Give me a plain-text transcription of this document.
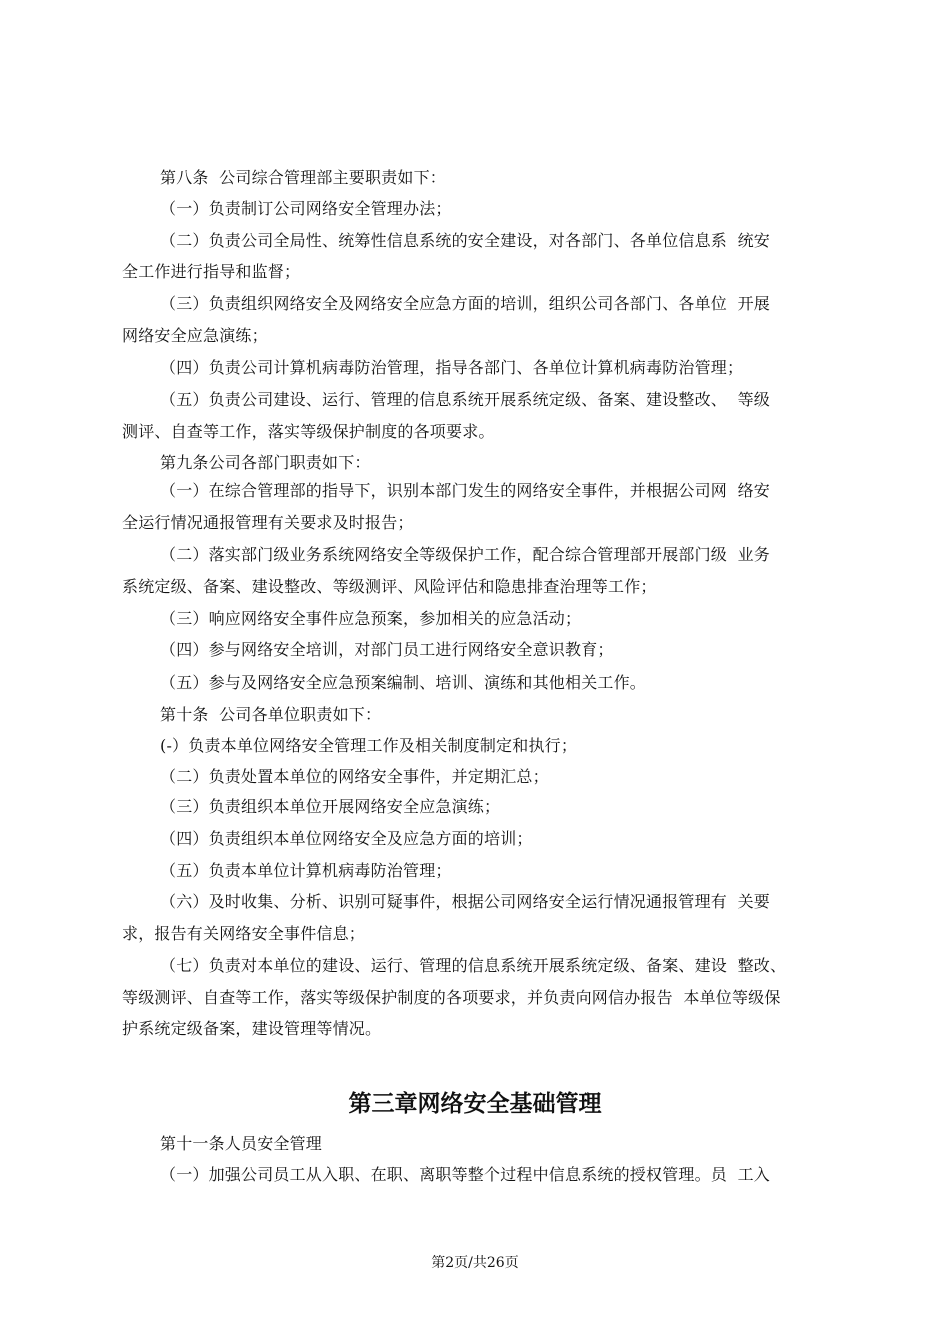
第八条  公司综合管理部主要职责如下：
（一）负责制订公司网络安全管理办法；
（二）负责公司全局性、统筹性信息系统的安全建设，对各部门、各单位信息系  统安
全工作进行指导和监督；
（三）负责组织网络安全及网络安全应急方面的培训，组织公司各部门、各单位  开展
网络安全应急演练；
（四）负责公司计算机病毒防治管理，指导各部门、各单位计算机病毒防治管理；
（五）负责公司建设、运行、管理的信息系统开展系统定级、备案、建设整改、  等级
测评、自查等工作，落实等级保护制度的各项要求。
第九条公司各部门职责如下：
（一）在综合管理部的指导下，识别本部门发生的网络安全事件，并根据公司网  络安
全运行情况通报管理有关要求及时报告；
（二）落实部门级业务系统网络安全等级保护工作，配合综合管理部开展部门级  业务
系统定级、备案、建设整改、等级测评、风险评估和隐患排查治理等工作；
（三）响应网络安全事件应急预案，参加相关的应急活动；
（四）参与网络安全培训，对部门员工进行网络安全意识教育；
（五）参与及网络安全应急预案编制、培训、演练和其他相关工作。
第十条  公司各单位职责如下：
(-）负责本单位网络安全管理工作及相关制度制定和执行；
（二）负责处置本单位的网络安全事件，并定期汇总；
（三）负责组织本单位开展网络安全应急演练；
（四）负责组织本单位网络安全及应急方面的培训；
（五）负责本单位计算机病毒防治管理；
（六）及时收集、分析、识别可疑事件，根据公司网络安全运行情况通报管理有  关要
求，报告有关网络安全事件信息；
（七）负责对本单位的建设、运行、管理的信息系统开展系统定级、备案、建设  整改、
等级测评、自查等工作，落实等级保护制度的各项要求，并负责向网信办报告  本单位等级保
护系统定级备案，建设管理等情况。
第三章网络安全基础管理
第十一条人员安全管理
（一）加强公司员工从入职、在职、离职等整个过程中信息系统的授权管理。员  工入
第2页/共26页
